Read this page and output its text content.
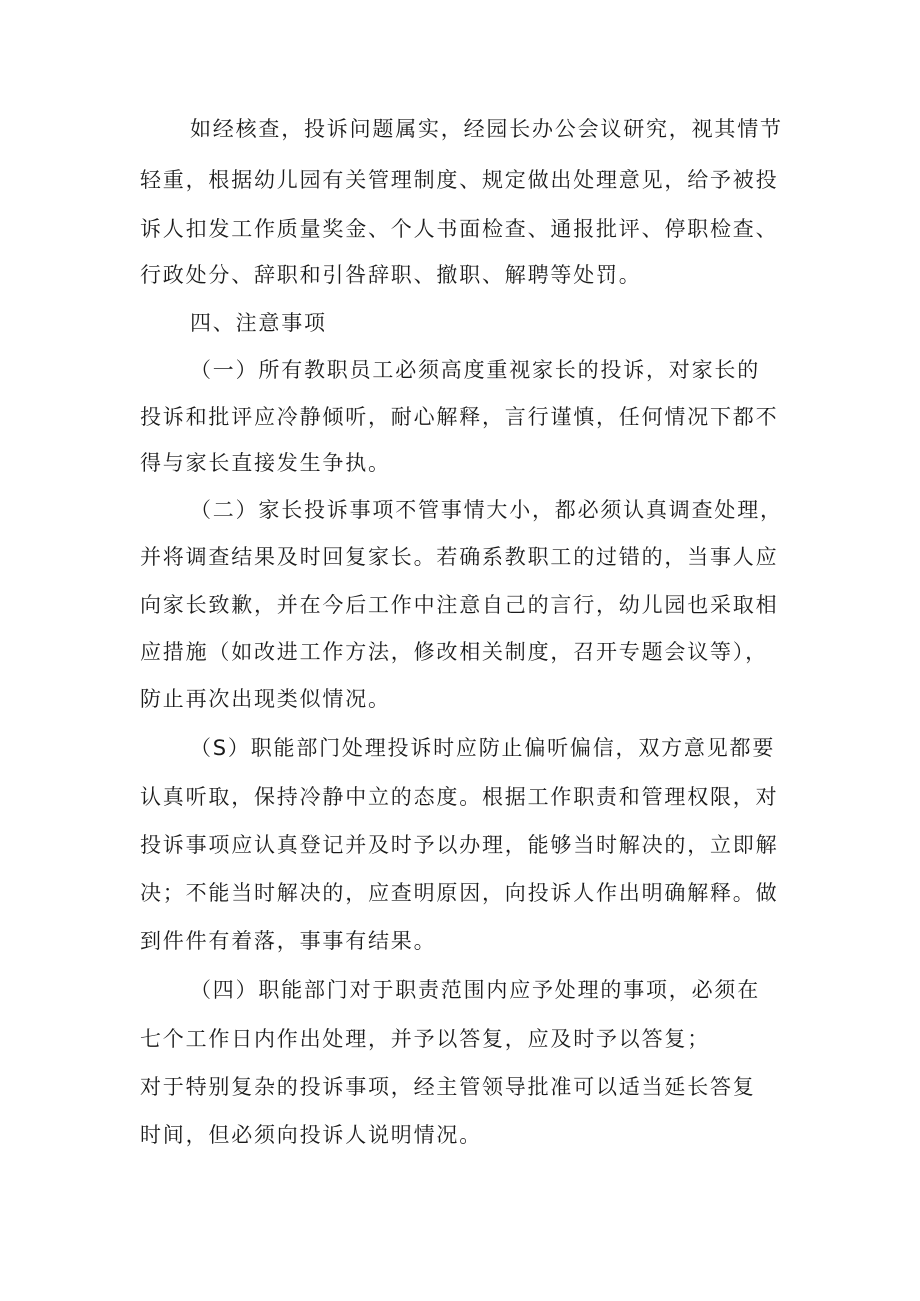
如经核查，投诉问题属实，经园长办公会议研究，视其情节
轻重，根据幼儿园有关管理制度、规定做出处理意见，给予被投
诉人扣发工作质量奖金、个人书面检查、通报批评、停职检查、
行政处分、辞职和引咎辞职、撤职、解聘等处罚。
四、注意事项
（一）所有教职员工必须高度重视家长的投诉，对家长的
投诉和批评应冷静倾听，耐心解释，言行谨慎，任何情况下都不
得与家长直接发生争执。
（二）家长投诉事项不管事情大小，都必须认真调查处理，
并将调查结果及时回复家长。若确系教职工的过错的，当事人应
向家长致歉，并在今后工作中注意自己的言行，幼儿园也采取相
应措施（如改进工作方法，修改相关制度，召开专题会议等），
防止再次出现类似情况。
（S）职能部门处理投诉时应防止偏听偏信，双方意见都要
认真听取，保持冷静中立的态度。根据工作职责和管理权限，对
投诉事项应认真登记并及时予以办理，能够当时解决的，立即解
决；不能当时解决的，应查明原因，向投诉人作出明确解释。做
到件件有着落，事事有结果。
（四）职能部门对于职责范围内应予处理的事项，必须在
七个工作日内作出处理，并予以答复，应及时予以答复；
对于特别复杂的投诉事项，经主管领导批准可以适当延长答复
时间，但必须向投诉人说明情况。
